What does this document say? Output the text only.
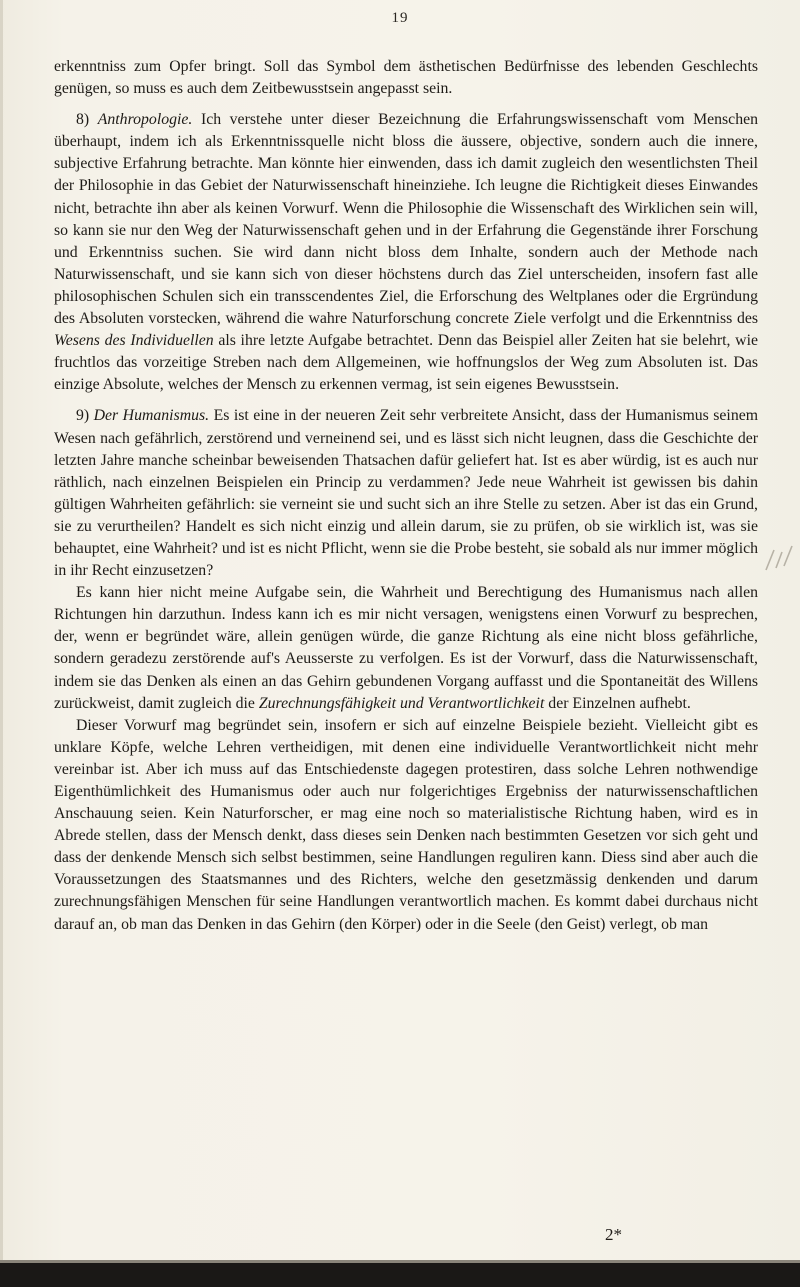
19

erkenntniss zum Opfer bringt. Soll das Symbol dem ästhetischen Bedürfnisse des lebenden Geschlechts genügen, so muss es auch dem Zeitbewusstsein angepasst sein.

8) Anthropologie. Ich verstehe unter dieser Bezeichnung die Erfahrungswissenschaft vom Menschen überhaupt, indem ich als Erkenntnissquelle nicht bloss die äussere, objective, sondern auch die innere, subjective Erfahrung betrachte. Man könnte hier einwenden, dass ich damit zugleich den wesentlichsten Theil der Philosophie in das Gebiet der Naturwissenschaft hineinziehe. Ich leugne die Richtigkeit dieses Einwandes nicht, betrachte ihn aber als keinen Vorwurf. Wenn die Philosophie die Wissenschaft des Wirklichen sein will, so kann sie nur den Weg der Naturwissenschaft gehen und in der Erfahrung die Gegenstände ihrer Forschung und Erkenntniss suchen. Sie wird dann nicht bloss dem Inhalte, sondern auch der Methode nach Naturwissenschaft, und sie kann sich von dieser höchstens durch das Ziel unterscheiden, insofern fast alle philosophischen Schulen sich ein transscendentes Ziel, die Erforschung des Weltplanes oder die Ergründung des Absoluten vorstecken, während die wahre Naturforschung concrete Ziele verfolgt und die Erkenntniss des Wesens des Individuellen als ihre letzte Aufgabe betrachtet. Denn das Beispiel aller Zeiten hat sie belehrt, wie fruchtlos das vorzeitige Streben nach dem Allgemeinen, wie hoffnungslos der Weg zum Absoluten ist. Das einzige Absolute, welches der Mensch zu erkennen vermag, ist sein eigenes Bewusstsein.

9) Der Humanismus. Es ist eine in der neueren Zeit sehr verbreitete Ansicht, dass der Humanismus seinem Wesen nach gefährlich, zerstörend und verneinend sei, und es lässt sich nicht leugnen, dass die Geschichte der letzten Jahre manche scheinbar beweisenden Thatsachen dafür geliefert hat. Ist es aber würdig, ist es auch nur räthlich, nach einzelnen Beispielen ein Princip zu verdammen? Jede neue Wahrheit ist gewissen bis dahin gültigen Wahrheiten gefährlich: sie verneint sie und sucht sich an ihre Stelle zu setzen. Aber ist das ein Grund, sie zu verurtheilen? Handelt es sich nicht einzig und allein darum, sie zu prüfen, ob sie wirklich ist, was sie behauptet, eine Wahrheit? und ist es nicht Pflicht, wenn sie die Probe besteht, sie sobald als nur immer möglich in ihr Recht einzusetzen?

Es kann hier nicht meine Aufgabe sein, die Wahrheit und Berechtigung des Humanismus nach allen Richtungen hin darzuthun. Indess kann ich es mir nicht versagen, wenigstens einen Vorwurf zu besprechen, der, wenn er begründet wäre, allein genügen würde, die ganze Richtung als eine nicht bloss gefährliche, sondern geradezu zerstörende auf's Aeusserste zu verfolgen. Es ist der Vorwurf, dass die Naturwissenschaft, indem sie das Denken als einen an das Gehirn gebundenen Vorgang auffasst und die Spontaneität des Willens zurückweist, damit zugleich die Zurechnungsfähigkeit und Verantwortlichkeit der Einzelnen aufhebt.

Dieser Vorwurf mag begründet sein, insofern er sich auf einzelne Beispiele bezieht. Vielleicht gibt es unklare Köpfe, welche Lehren vertheidigen, mit denen eine individuelle Verantwortlichkeit nicht mehr vereinbar ist. Aber ich muss auf das Entschiedenste dagegen protestiren, dass solche Lehren nothwendige Eigenthümlichkeit des Humanismus oder auch nur folgerichtiges Ergebniss der naturwissenschaftlichen Anschauung seien. Kein Naturforscher, er mag eine noch so materialistische Richtung haben, wird es in Abrede stellen, dass der Mensch denkt, dass dieses sein Denken nach bestimmten Gesetzen vor sich geht und dass der denkende Mensch sich selbst bestimmen, seine Handlungen reguliren kann. Diess sind aber auch die Voraussetzungen des Staatsmannes und des Richters, welche den gesetzmässig denkenden und darum zurechnungsfähigen Menschen für seine Handlungen verantwortlich machen. Es kommt dabei durchaus nicht darauf an, ob man das Denken in das Gehirn (den Körper) oder in die Seele (den Geist) verlegt, ob man

2*
